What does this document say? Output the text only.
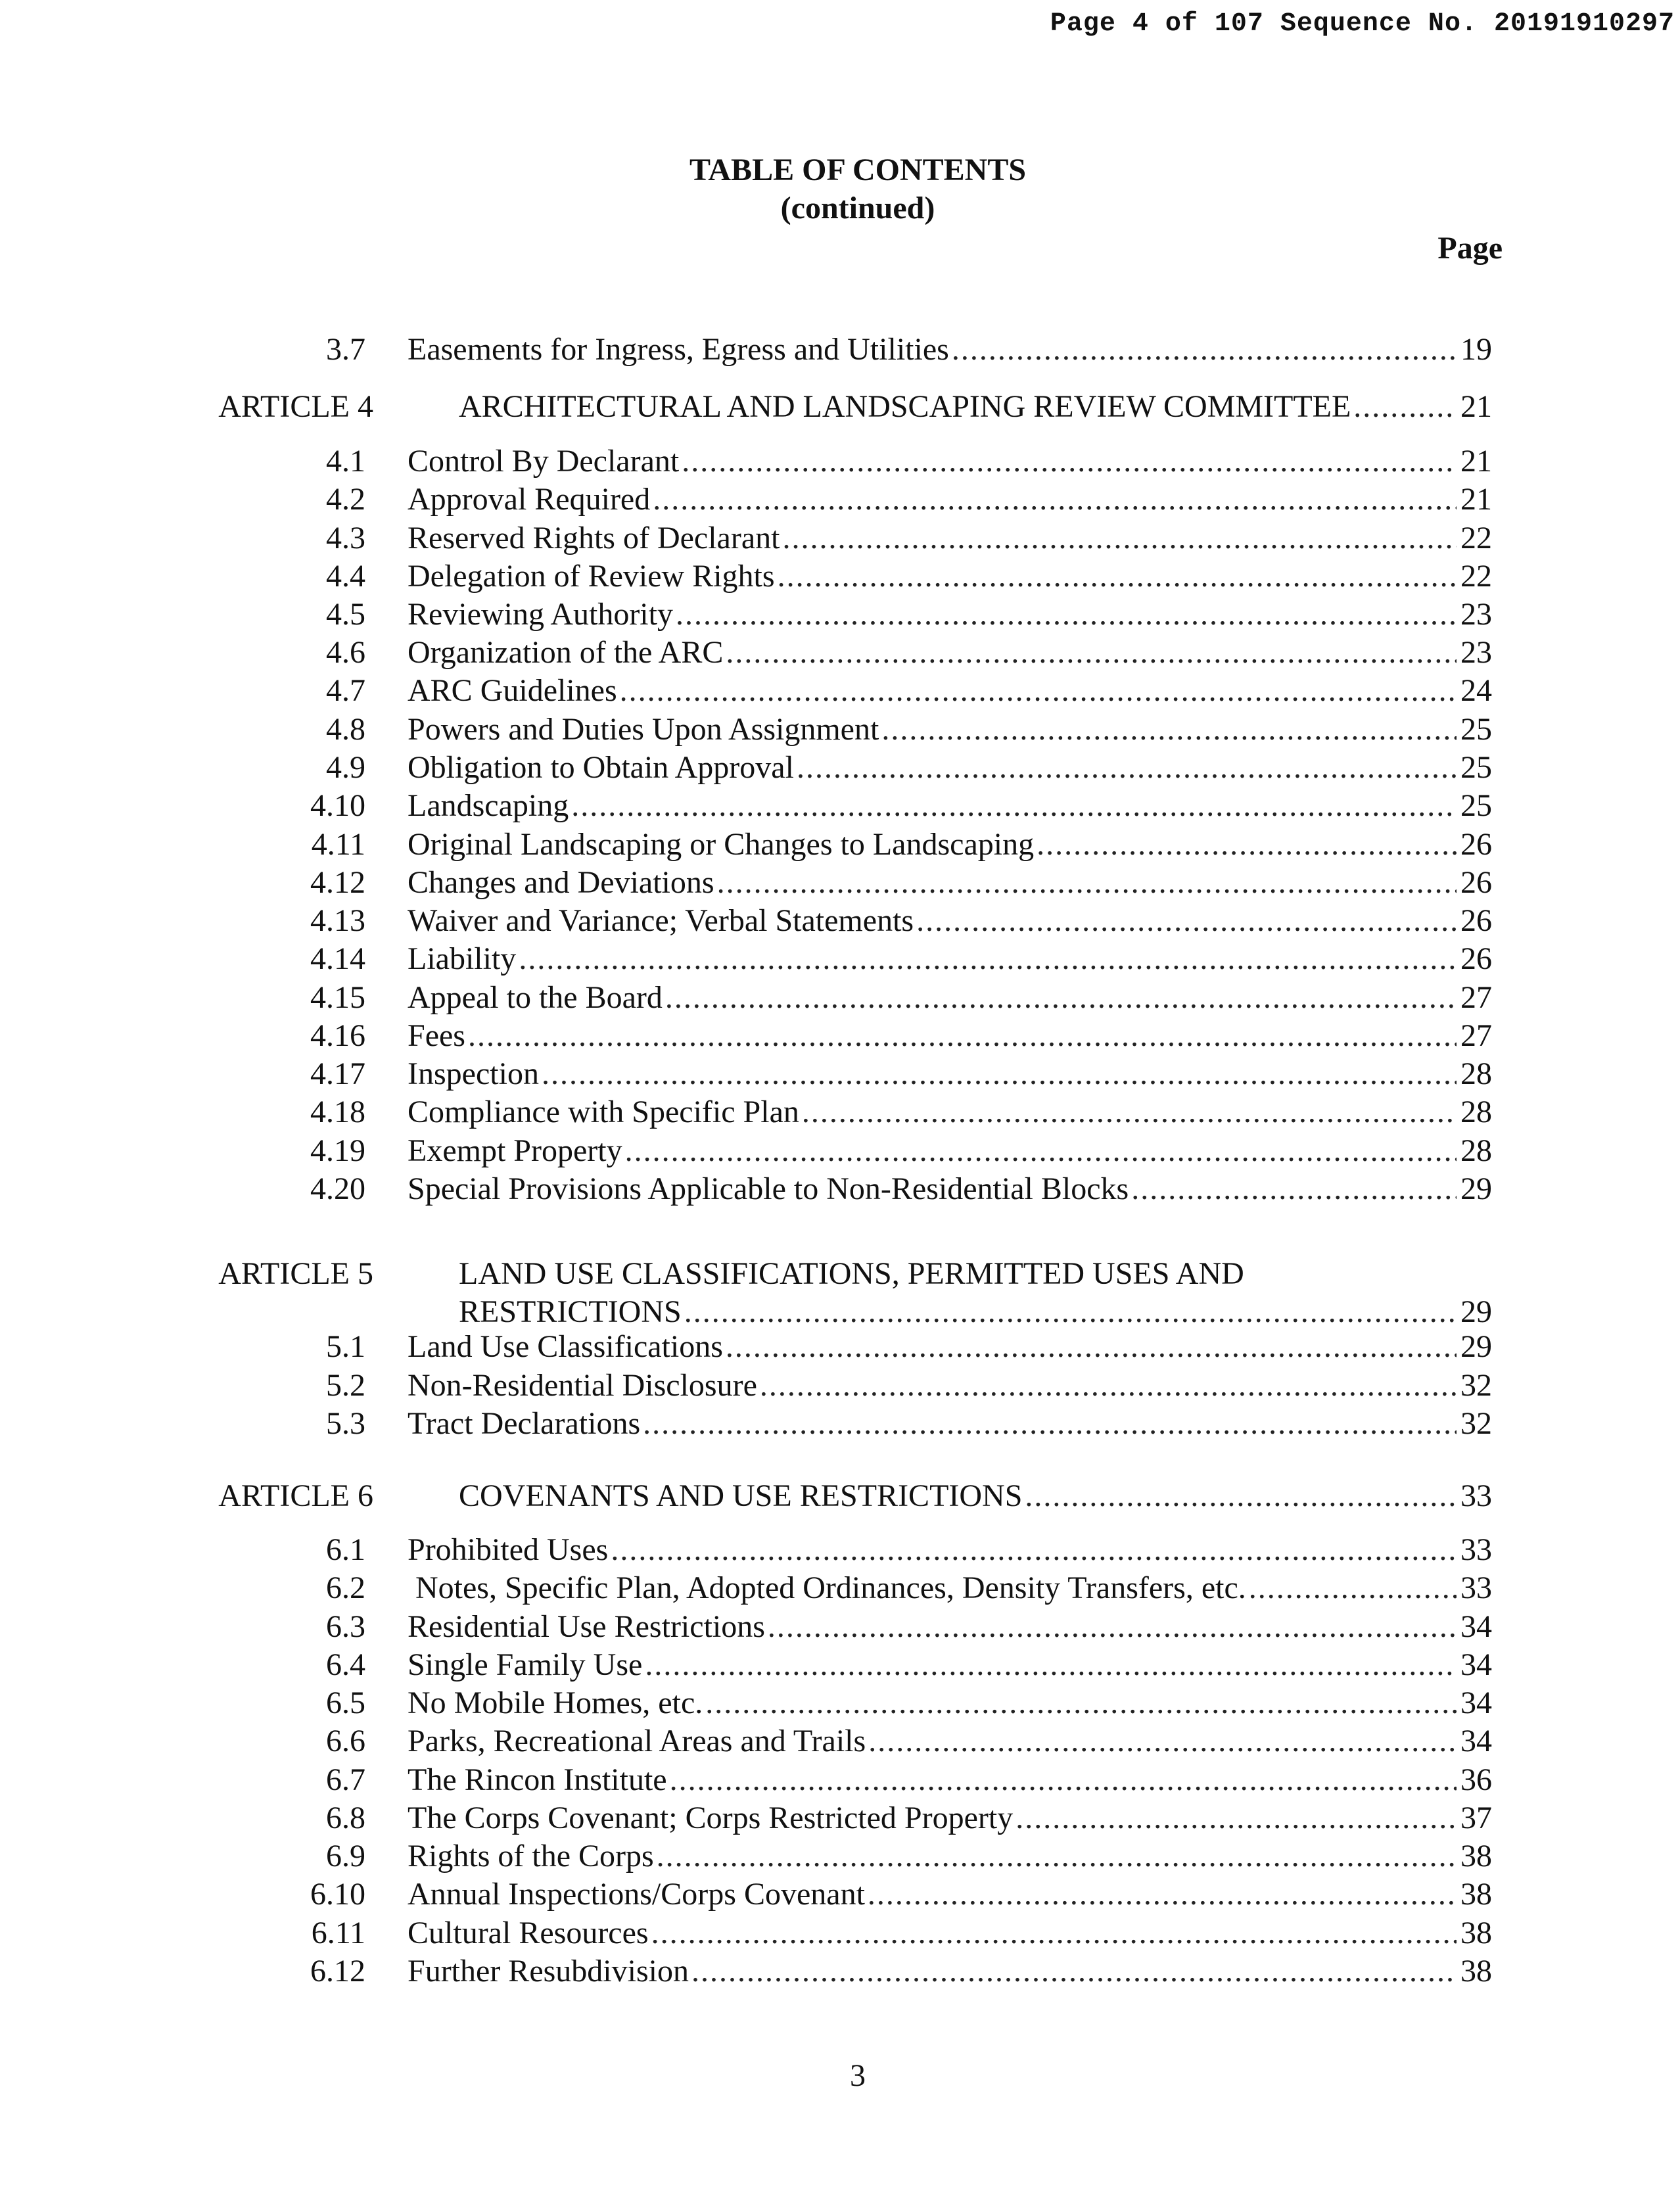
Page 4 of 107 Sequence No. 20191910297
TABLE OF CONTENTS
(continued)
Page
3.7 Easements for Ingress, Egress and Utilities .....	19
ARTICLE 4	ARCHITECTURAL AND LANDSCAPING REVIEW COMMITTEE .....	21
4.1 Control By Declarant .....	21
4.2 Approval Required .....	21
4.3 Reserved Rights of Declarant .....	22
4.4 Delegation of Review Rights .....	22
4.5 Reviewing Authority .....	23
4.6 Organization of the ARC .....	23
4.7 ARC Guidelines .....	24
4.8 Powers and Duties Upon Assignment .....	25
4.9 Obligation to Obtain Approval .....	25
4.10 Landscaping .....	25
4.11 Original Landscaping or Changes to Landscaping .....	26
4.12 Changes and Deviations .....	26
4.13 Waiver and Variance; Verbal Statements .....	26
4.14 Liability .....	26
4.15 Appeal to the Board .....	27
4.16 Fees .....	27
4.17 Inspection .....	28
4.18 Compliance with Specific Plan .....	28
4.19 Exempt Property .....	28
4.20 Special Provisions Applicable to Non-Residential Blocks .....	29
ARTICLE 5	LAND USE CLASSIFICATIONS, PERMITTED USES AND
RESTRICTIONS .....	29
5.1 Land Use Classifications .....	29
5.2 Non-Residential Disclosure .....	32
5.3 Tract Declarations .....	32
ARTICLE 6	COVENANTS AND USE RESTRICTIONS .....	33
6.1 Prohibited Uses .....	33
6.2 Notes, Specific Plan, Adopted Ordinances, Density Transfers, etc. .....	33
6.3 Residential Use Restrictions .....	34
6.4 Single Family Use .....	34
6.5 No Mobile Homes, etc. .....	34
6.6 Parks, Recreational Areas and Trails .....	34
6.7 The Rincon Institute .....	36
6.8 The Corps Covenant; Corps Restricted Property .....	37
6.9 Rights of the Corps .....	38
6.10 Annual Inspections/Corps Covenant .....	38
6.11 Cultural Resources .....	38
6.12 Further Resubdivision .....	38
3
